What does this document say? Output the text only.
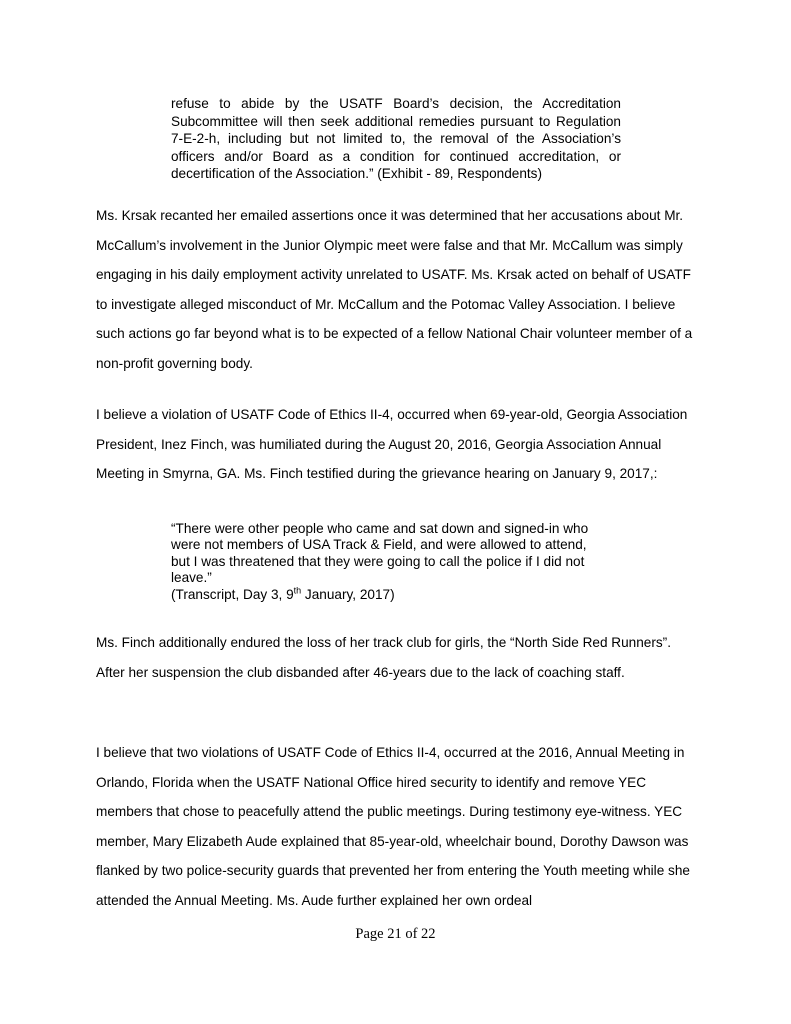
refuse to abide by the USATF Board’s decision, the Accreditation Subcommittee will then seek additional remedies pursuant to Regulation 7-E-2-h, including but not limited to, the removal of the Association’s officers and/or Board as a condition for continued accreditation, or decertification of the Association.” (Exhibit - 89, Respondents)

Ms. Krsak recanted her emailed assertions once it was determined that her accusations about Mr. McCallum’s involvement in the Junior Olympic meet were false and that Mr. McCallum was simply engaging in his daily employment activity unrelated to USATF. Ms. Krsak acted on behalf of USATF to investigate alleged misconduct of Mr. McCallum and the Potomac Valley Association. I believe such actions go far beyond what is to be expected of a fellow National Chair volunteer member of a non-profit governing body.

I believe a violation of USATF Code of Ethics II-4, occurred when 69-year-old, Georgia Association President, Inez Finch, was humiliated during the August 20, 2016, Georgia Association Annual Meeting in Smyrna, GA. Ms. Finch testified during the grievance hearing on January 9, 2017,:

“There were other people who came and sat down and signed-in who
were not members of USA Track & Field, and were allowed to attend,
but I was threatened that they were going to call the police if I did not
leave.”
(Transcript, Day 3, 9th January, 2017)

Ms. Finch additionally endured the loss of her track club for girls, the “North Side Red Runners”. After her suspension the club disbanded after 46-years due to the lack of coaching staff.

I believe that two violations of USATF Code of Ethics II-4, occurred at the 2016, Annual Meeting in Orlando, Florida when the USATF National Office hired security to identify and remove YEC members that chose to peacefully attend the public meetings. During testimony eye-witness. YEC member, Mary Elizabeth Aude explained that 85-year-old, wheelchair bound, Dorothy Dawson was flanked by two police-security guards that prevented her from entering the Youth meeting while she attended the Annual Meeting. Ms. Aude further explained her own ordeal

Page 21 of 22
